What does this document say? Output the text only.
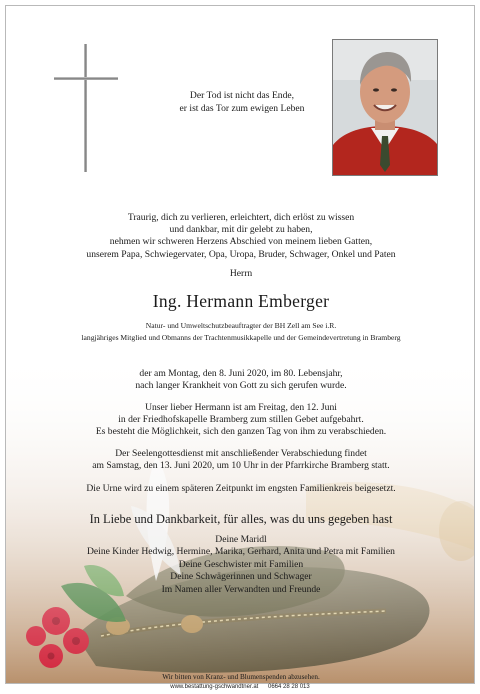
Der Tod ist nicht das Ende,
er ist das Tor zum ewigen Leben
Traurig, dich zu verlieren, erleichtert, dich erlöst zu wissen
und dankbar, mit dir gelebt zu haben,
nehmen wir schweren Herzens Abschied von meinem lieben Gatten,
unserem Papa, Schwiegervater, Opa, Uropa, Bruder, Schwager, Onkel und Paten
Herrn
Ing. Hermann Emberger
Natur- und Umweltschutzbeauftragter der BH Zell am See i.R.
langjähriges Mitglied und Obmanns der Trachtenmusikkapelle und der Gemeindevertretung in Bramberg
der am Montag, den 8. Juni 2020, im 80. Lebensjahr,
nach langer Krankheit von Gott zu sich gerufen wurde.
Unser lieber Hermann ist am Freitag, den 12. Juni
in der Friedhofskapelle Bramberg zum stillen Gebet aufgebahrt.
Es besteht die Möglichkeit, sich den ganzen Tag von ihm zu verabschieden.
Der Seelengottesdienst mit anschließender Verabschiedung findet
am Samstag, den 13. Juni 2020, um 10 Uhr in der Pfarrkirche Bramberg statt.
Die Urne wird zu einem späteren Zeitpunkt im engsten Familienkreis beigesetzt.
In Liebe und Dankbarkeit, für alles, was du uns gegeben hast
Deine Maridl
Deine Kinder Hedwig, Hermine, Marika, Gerhard, Anita und Petra mit Familien
Deine Geschwister mit Familien
Deine Schwägerinnen und Schwager
Im Namen aller Verwandten und Freunde
Wir bitten von Kranz- und Blumenspenden abzusehen.
www.bestattung-gschwandtner.at 0664 28 28 013
